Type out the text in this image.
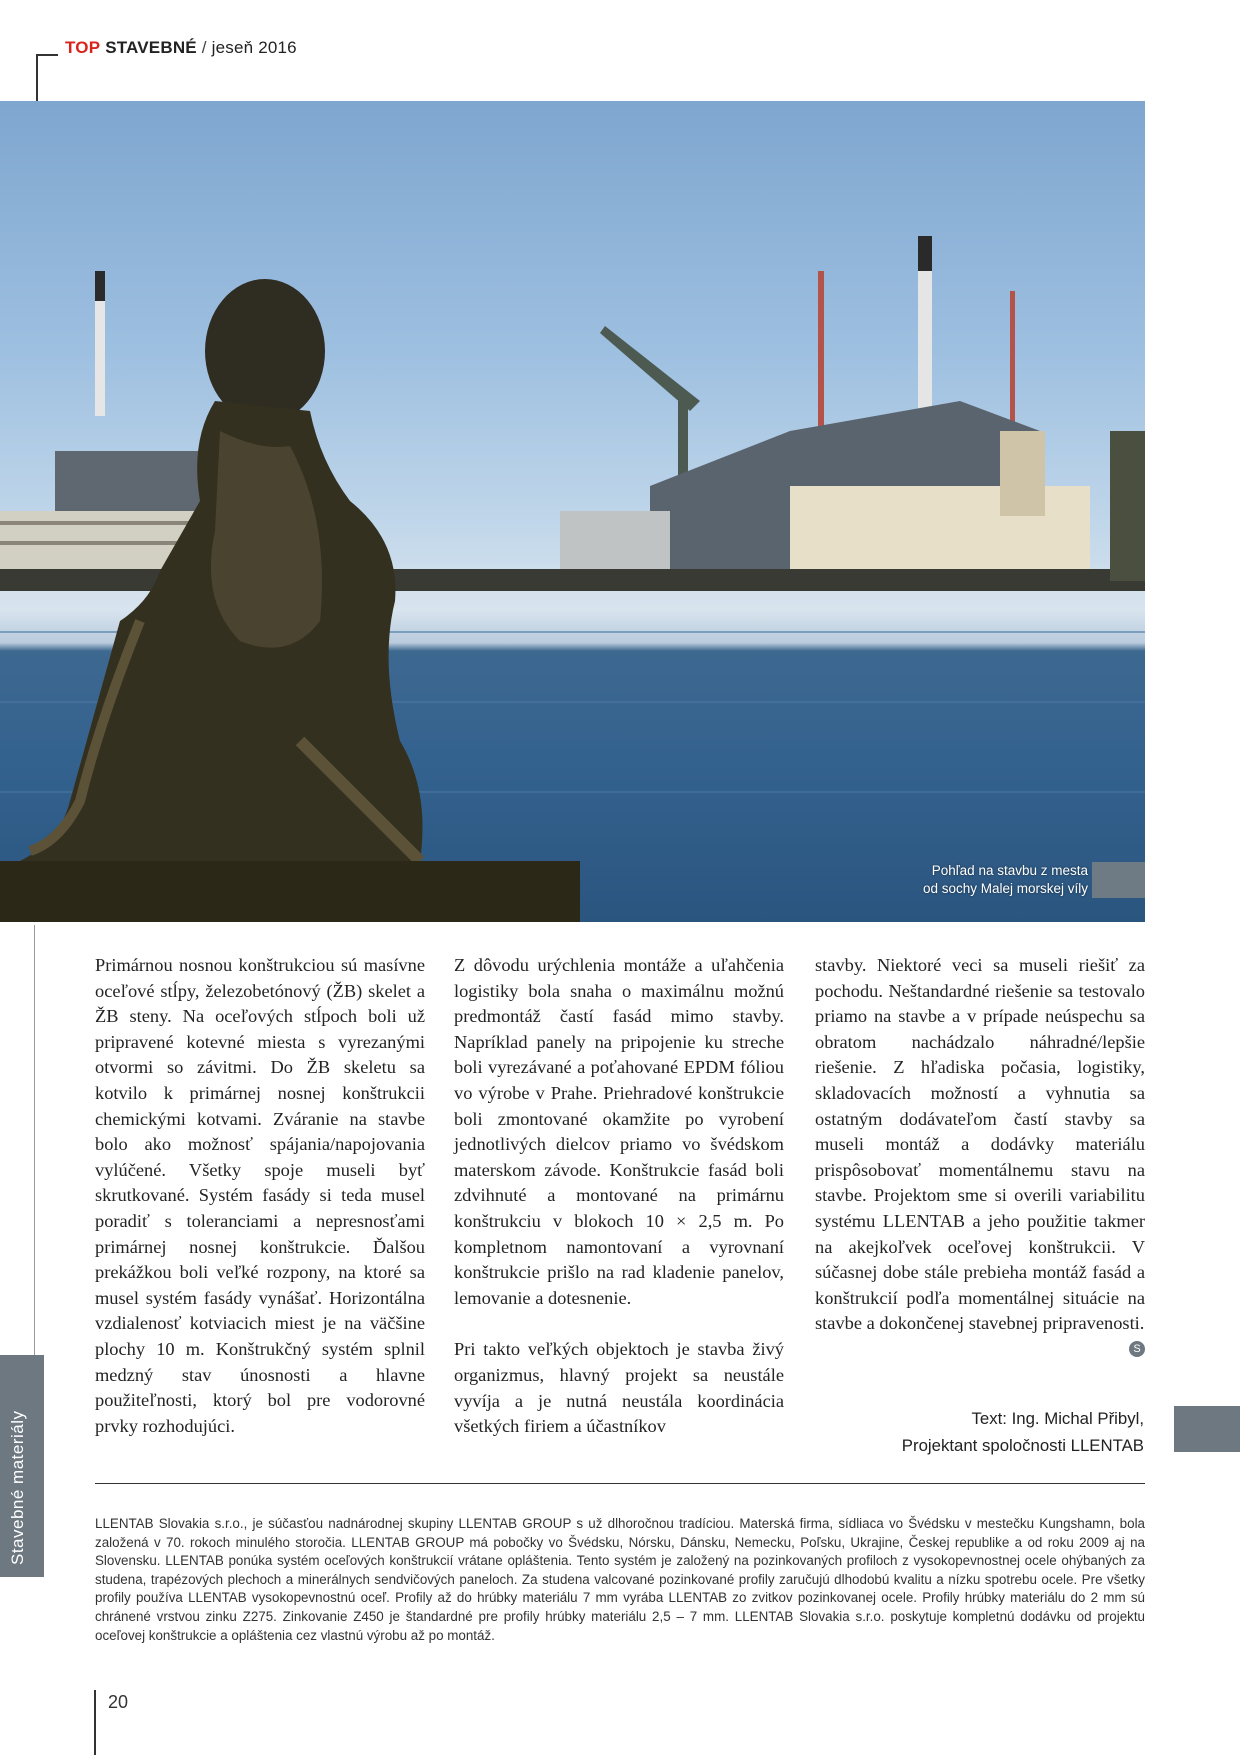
TOP STAVEBNÉ / jeseň 2016
Pohľad na stavbu z mesta
od sochy Malej morskej víly
Stavebné materiály

Primárnou nosnou konštrukciou sú masívne oceľové stĺpy, železobetónový (ŽB) skelet a ŽB steny. Na oceľových stĺpoch boli už pripravené kotevné miesta s vyrezanými otvormi so závitmi. Do ŽB skeletu sa kotvilo k primárnej nosnej konštrukcii chemickými kotvami. Zváranie na stavbe bolo ako možnosť spájania/napojovania vylúčené. Všetky spoje museli byť skrutkované. Systém fasády si teda musel poradiť s toleranciami a nepresnosťami primárnej nosnej konštrukcie. Ďalšou prekážkou boli veľké rozpony, na ktoré sa musel systém fasády vynášať. Horizontálna vzdialenosť kotviacich miest je na väčšine plochy 10 m. Konštrukčný systém splnil medzný stav únosnosti a hlavne použiteľnosti, ktorý bol pre vodorovné prvky rozhodujúci.

Z dôvodu urýchlenia montáže a uľahčenia logistiky bola snaha o maximálnu možnú predmontáž častí fasád mimo stavby. Napríklad panely na pripojenie ku streche boli vyrezávané a poťahované EPDM fóliou vo výrobe v Prahe. Priehradové konštrukcie boli zmontované okamžite po vyrobení jednotlivých dielcov priamo vo švédskom materskom závode. Konštrukcie fasád boli zdvihnuté a montované na primárnu konštrukciu v blokoch 10 × 2,5 m. Po kompletnom namontovaní a vyrovnaní konštrukcie prišlo na rad kladenie panelov, lemovanie a dotesnenie.

Pri takto veľkých objektoch je stavba živý organizmus, hlavný projekt sa neustále vyvíja a je nutná neustála koordinácia všetkých firiem a účastníkov

stavby. Niektoré veci sa museli riešiť za pochodu. Neštandardné riešenie sa testovalo priamo na stavbe a v prípade neúspechu sa obratom nachádzalo náhradné/lepšie riešenie. Z hľadiska počasia, logistiky, skladovacích možností a vyhnutia sa ostatným dodávateľom častí stavby sa museli montáž a dodávky materiálu prispôsobovať momentálnemu stavu na stavbe. Projektom sme si overili variabilitu systému LLENTAB a jeho použitie takmer na akejkoľvek oceľovej konštrukcii. V súčasnej dobe stále prebieha montáž fasád a konštrukcií podľa momentálnej situácie na stavbe a dokončenej stavebnej pripravenosti.
S

Text: Ing. Michal Přibyl,
Projektant spoločnosti LLENTAB

LLENTAB Slovakia s.r.o., je súčasťou nadnárodnej skupiny LLENTAB GROUP s už dlhoročnou tradíciou. Materská firma, sídliaca vo Švédsku v mestečku Kungshamn, bola založená v 70. rokoch minulého storočia. LLENTAB GROUP má pobočky vo Švédsku, Nórsku, Dánsku, Nemecku, Poľsku, Ukrajine, Českej republike a od roku 2009 aj na Slovensku. LLENTAB ponúka systém oceľových konštrukcií vrátane opláštenia. Tento systém je založený na pozinkovaných profiloch z vysokopevnostnej ocele ohýbaných za studena, trapézových plechoch a minerálnych sendvičových paneloch. Za studena valcované pozinkované profily zaručujú dlhodobú kvalitu a nízku spotrebu ocele. Pre všetky profily používa LLENTAB vysokopevnostnú oceľ. Profily až do hrúbky materiálu 7 mm vyrába LLENTAB zo zvitkov pozinkovanej ocele. Profily hrúbky materiálu do 2 mm sú chránené vrstvou zinku Z275. Zinkovanie Z450 je štandardné pre profily hrúbky materiálu 2,5 – 7 mm. LLENTAB Slovakia s.r.o. poskytuje kompletnú dodávku od projektu oceľovej konštrukcie a opláštenia cez vlastnú výrobu až po montáž.

20
